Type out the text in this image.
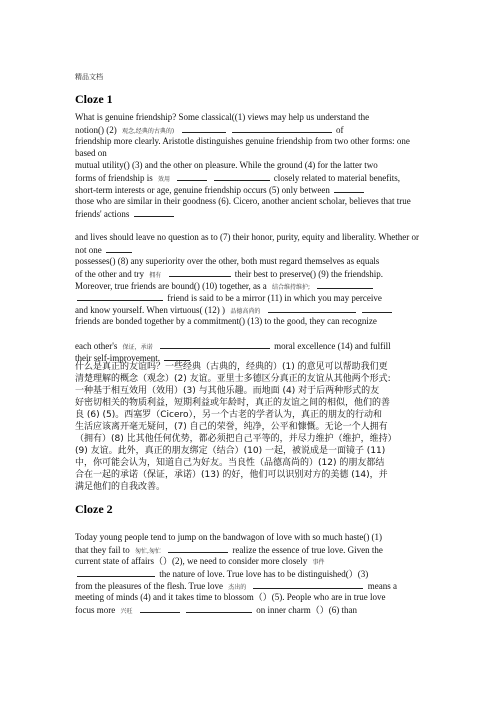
精品文档
Cloze 1
What is genuine friendship? Some classical((1) views may help us understand the
notion() (2) 观念,经典的古典的)	of
friendship more clearly. Aristotle distinguishes genuine friendship from two other forms: one based on
mutual utility() (3) and the other on pleasure. While the ground (4) for the latter two
forms of friendship is 效用	closely related to material benefits,
short-term interests or age, genuine friendship occurs (5) only between
those who are similar in their goodness (6). Cicero, another ancient scholar, believes that true friends' actions
and lives should leave no question as to (7) their honor, purity, equity and liberality. Whether or not one
possesses() (8) any superiority over the other, both must regard themselves as equals
of the other and try 拥有	their best to preserve() (9) the friendship.
Moreover, true friends are bound() (10) together, as a 结合维持维护;
friend is said to be a mirror (11) in which you may perceive
and know yourself. When virtuous( (12) ) 品德高尚的
friends are bonded together by a commitment() (13) to the good, they can recognize
each other's 保证，承诺	moral excellence (14) and fulfill
their self-improvement.
什么是真正的友谊吗？一些经典（古典的，经典的）(1) 的意见可以帮助我们更
清楚理解的概念（观念）(2) 友谊。亚里士多德区分真正的友谊从其他两个形式:
一种基于相互效用（效用）(3) 与其他乐趣。而地面 (4) 对于后两种形式的友
好密切相关的物质利益，短期利益或年龄时，真正的友谊之间的相似，他们的善
良 (6) (5)。西塞罗（Cicero），另一个古老的学者认为，真正的朋友的行动和
生活应该离开毫无疑问，(7) 自己的荣誉，纯净，公平和慷慨。无论一个人拥有
（拥有）(8) 比其他任何优势，都必须把自己平等的，并尽力维护（维护，维持）
(9) 友谊。此外，真正的朋友绑定（结合）(10) 一起，被说成是一面镜子 (11)
中，你可能会认为，知道自己为好友。当良性（品德高尚的）(12) 的朋友都结
合在一起的承诺（保证，承诺）(13) 的好，他们可以识别对方的美德 (14)，并
满足他们的自我改善。
Cloze 2
Today young people tend to jump on the bandwagon of love with so much haste() (1)
that they fail to 匆忙,匆忙	realize the essence of true love. Given the
current state of affairs（）(2), we need to consider more closely 事件
the nature of love. True love has to be distinguished(）(3)
from the pleasures of the flesh. True love 杰出的	means a
meeting of minds (4) and it takes time to blossom（）(5). People who are in true love
focus more 兴旺	on inner charm（）(6) than
